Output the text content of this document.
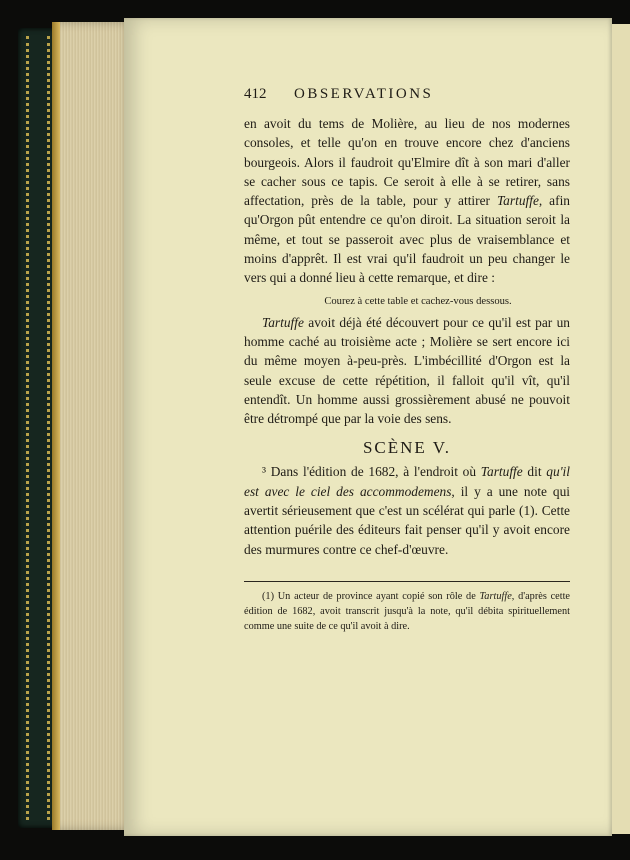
412	OBSERVATIONS

en avoit du tems de Molière, au lieu de nos modernes consoles, et telle qu'on en trouve encore chez d'anciens bourgeois. Alors il faudroit qu'Elmire dît à son mari d'aller se cacher sous ce tapis. Ce seroit à elle à se retirer, sans affectation, près de la table, pour y attirer Tartuffe, afin qu'Orgon pût entendre ce qu'on diroit. La situation seroit la même, et tout se passeroit avec plus de vraisemblance et moins d'apprêt. Il est vrai qu'il faudroit un peu changer le vers qui a donné lieu à cette remarque, et dire :

Courez à cette table et cachez-vous dessous.

Tartuffe avoit déjà été découvert pour ce qu'il est par un homme caché au troisième acte ; Molière se sert encore ici du même moyen à-peu-près. L'imbécillité d'Orgon est la seule excuse de cette répétition, il falloit qu'il vît, qu'il entendît. Un homme aussi grossièrement abusé ne pouvoit être détrompé que par la voie des sens.

SCÈNE V.

³ Dans l'édition de 1682, à l'endroit où Tartuffe dit qu'il est avec le ciel des accommodemens, il y a une note qui avertit sérieusement que c'est un scélérat qui parle (1). Cette attention puérile des éditeurs fait penser qu'il y avoit encore des murmures contre ce chef-d'œuvre.

(1) Un acteur de province ayant copié son rôle de Tartuffe, d'après cette édition de 1682, avoit transcrit jusqu'à la note, qu'il débita spirituellement comme une suite de ce qu'il avoit à dire.
